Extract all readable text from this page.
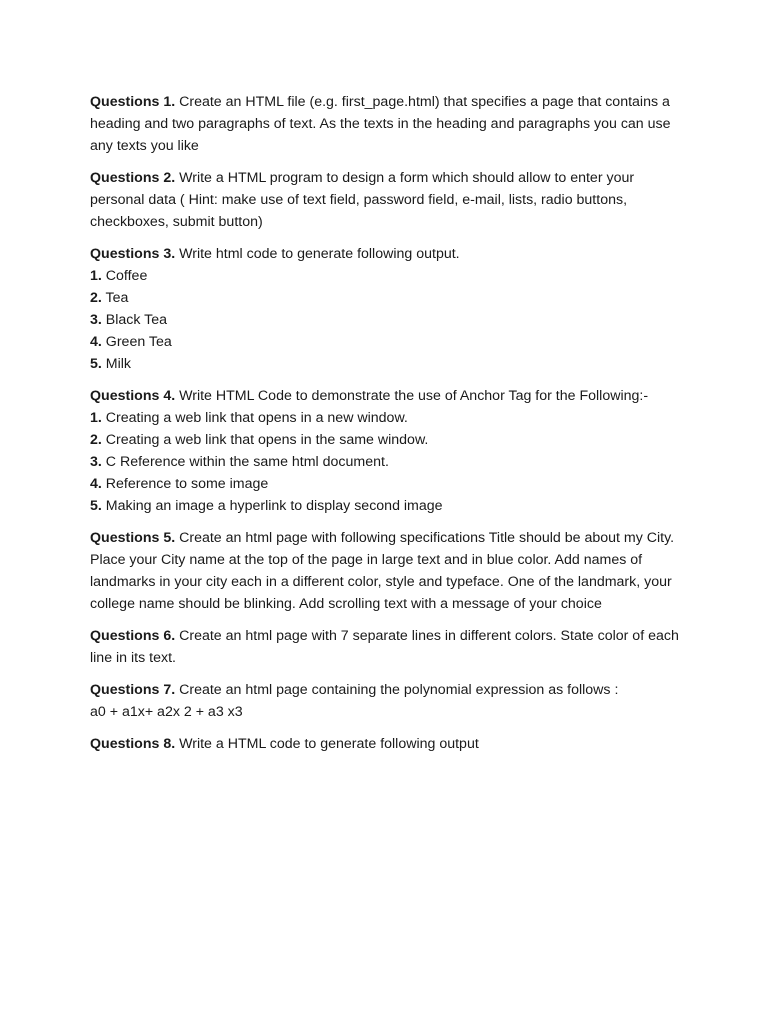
Questions 1. Create an HTML file (e.g. first_page.html) that specifies a page that contains a heading and two paragraphs of text. As the texts in the heading and paragraphs you can use any texts you like

Questions 2. Write a HTML program to design a form which should allow to enter your personal data ( Hint: make use of text field, password field, e-mail, lists, radio buttons, checkboxes, submit button)

Questions 3. Write html code to generate following output.

1. Coffee

2. Tea

3. Black Tea

4. Green Tea

5. Milk

Questions 4. Write HTML Code to demonstrate the use of Anchor Tag for the Following:-

1. Creating a web link that opens in a new window.

2. Creating a web link that opens in the same window.

3. C Reference within the same html document.

4. Reference to some image

5. Making an image a hyperlink to display second image

Questions 5. Create an html page with following specifications Title should be about my City. Place your City name at the top of the page in large text and in blue color. Add names of landmarks in your city each in a different color, style and typeface. One of the landmark, your college name should be blinking. Add scrolling text with a message of your choice

Questions 6. Create an html page with 7 separate lines in different colors. State color of each line in its text.

Questions 7. Create an html page containing the polynomial expression as follows :

a0 + a1x+ a2x 2 + a3 x3

Questions 8. Write a HTML code to generate following output
